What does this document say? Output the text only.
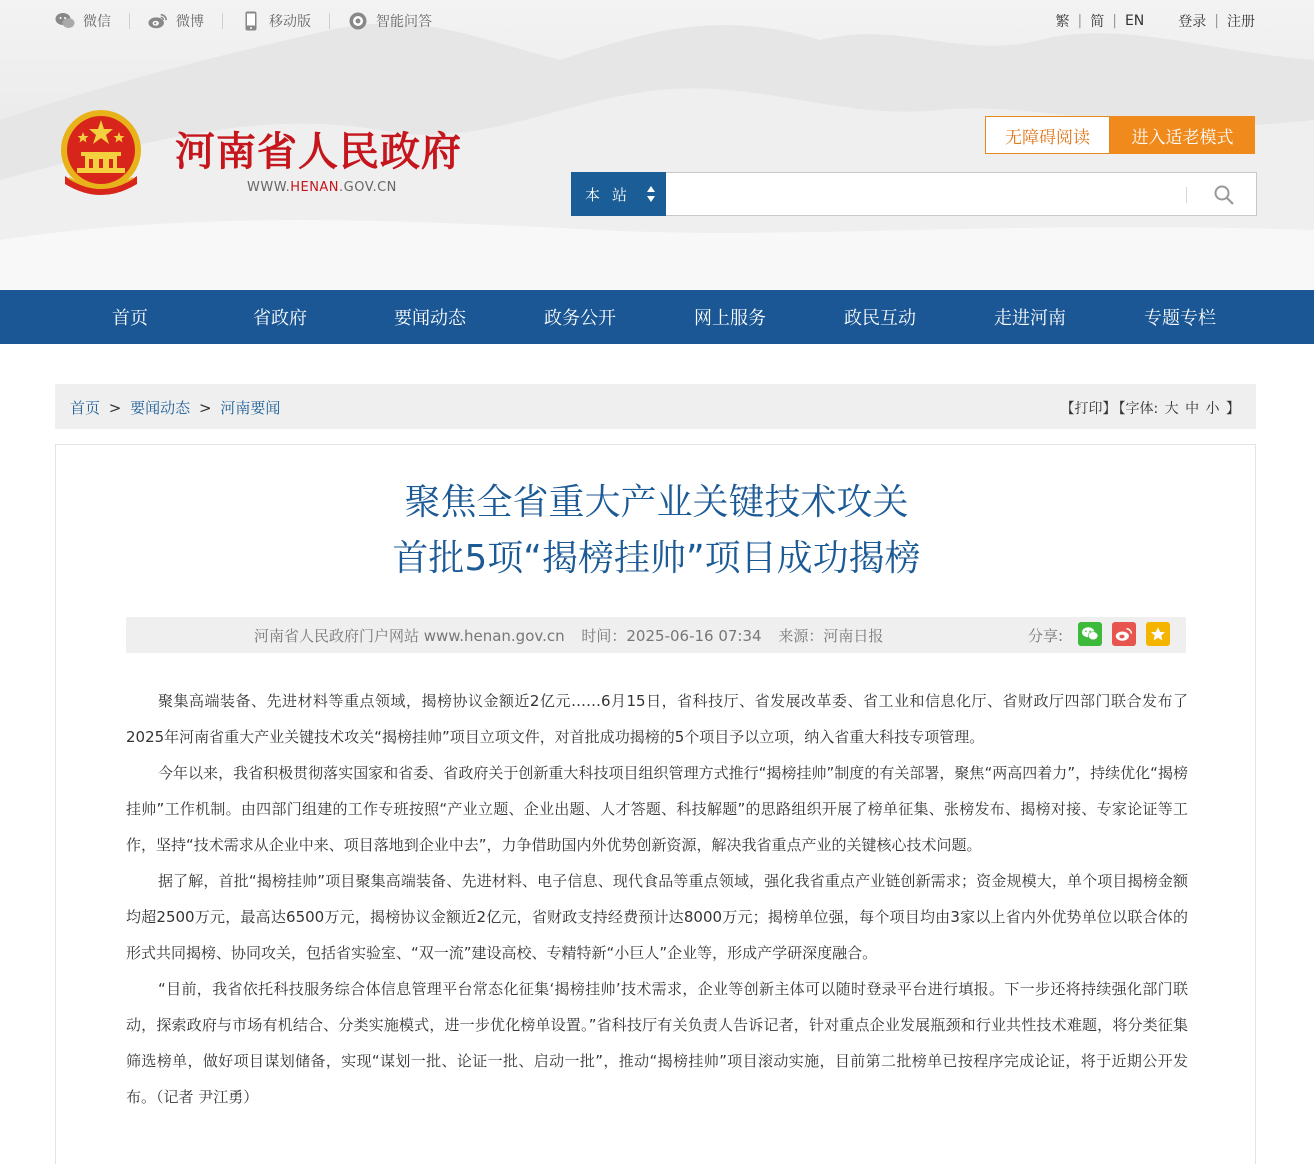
微信	微博	移动版	智能问答	繁 | 简 | EN 登录 | 注册
河南省人民政府
WWW.HENAN.GOV.CN
无障碍阅读	进入适老模式
本站
首页	省政府	要闻动态	政务公开	网上服务	政民互动	走进河南	专题专栏
首页 > 要闻动态 > 河南要闻	【打印】 【字体: 大 中 小 】
聚焦全省重大产业关键技术攻关
首批5项“揭榜挂帅”项目成功揭榜
河南省人民政府门户网站 www.henan.gov.cn 时间：2025-06-16 07:34 来源：河南日报	分享:

聚集高端装备、先进材料等重点领域，揭榜协议金额近2亿元……6月15日，省科技厅、省发展改革委、省工业和信息化厅、省财政厅四部门联合发布了2025年河南省重大产业关键技术攻关“揭榜挂帅”项目立项文件，对首批成功揭榜的5个项目予以立项，纳入省重大科技专项管理。

今年以来，我省积极贯彻落实国家和省委、省政府关于创新重大科技项目组织管理方式推行“揭榜挂帅”制度的有关部署，聚焦“两高四着力”，持续优化“揭榜挂帅”工作机制。由四部门组建的工作专班按照“产业立题、企业出题、人才答题、科技解题”的思路组织开展了榜单征集、张榜发布、揭榜对接、专家论证等工作，坚持“技术需求从企业中来、项目落地到企业中去”，力争借助国内外优势创新资源，解决我省重点产业的关键核心技术问题。

据了解，首批“揭榜挂帅”项目聚集高端装备、先进材料、电子信息、现代食品等重点领域，强化我省重点产业链创新需求；资金规模大，单个项目揭榜金额均超2500万元，最高达6500万元，揭榜协议金额近2亿元，省财政支持经费预计达8000万元；揭榜单位强，每个项目均由3家以上省内外优势单位以联合体的形式共同揭榜、协同攻关，包括省实验室、“双一流”建设高校、专精特新“小巨人”企业等，形成产学研深度融合。

“目前，我省依托科技服务综合体信息管理平台常态化征集‘揭榜挂帅’技术需求，企业等创新主体可以随时登录平台进行填报。下一步还将持续强化部门联动，探索政府与市场有机结合、分类实施模式，进一步优化榜单设置。”省科技厅有关负责人告诉记者，针对重点企业发展瓶颈和行业共性技术难题，将分类征集筛选榜单，做好项目谋划储备，实现“谋划一批、论证一批、启动一批”，推动“揭榜挂帅”项目滚动实施，目前第二批榜单已按程序完成论证，将于近期公开发布。（记者 尹江勇）
